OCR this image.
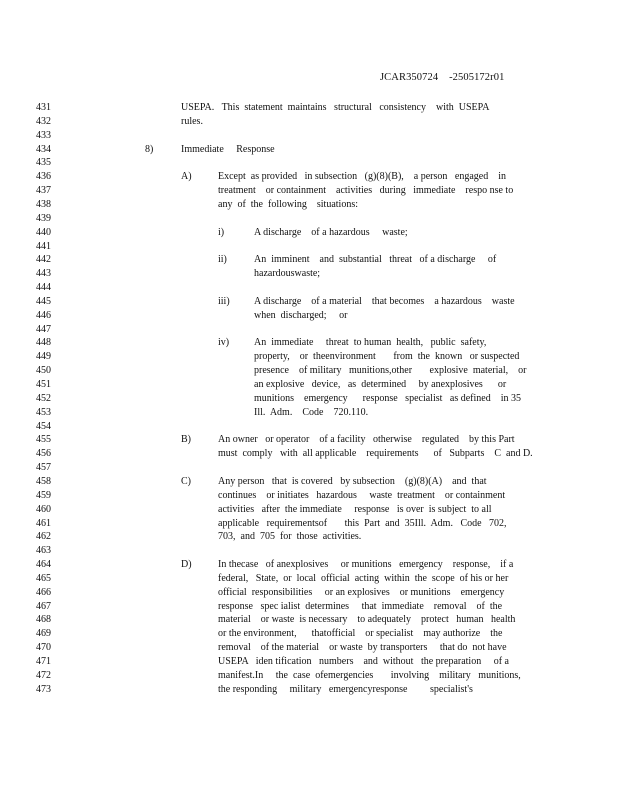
JCAR350724    -2505172r01
431	USEPA.   This  statement  maintains   structural   consistency    with  USEPA
432	rules.
433
434	8)	Immediate     Response
435
436	A)	Except  as provided   in subsection   (g)(8)(B),    a person   engaged    in
437	treatment    or containment    activities   during   immediate    respo nse to
438	any  of  the  following    situations:
439
440	i)	A discharge    of a hazardous     waste;
441
442	ii)	An  imminent    and  substantial   threat   of a discharge     of
443	hazardouswaste;
444
445	iii) A discharge    of a material    that becomes    a hazardous    waste
446	when  discharged;     or
447
448	iv) An  immediate     threat  to human  health,   public  safety,
449	property,    or  theenvironment       from  the  known   or suspected
450	presence    of military   munitions,other       explosive  material,    or
451	an explosive   device,   as  determined     by anexplosives      or
452	munitions    emergency      response   specialist   as defined    in 35
453	Ill.  Adm.    Code    720.110.
454
455	B)	An owner   or operator    of a facility   otherwise    regulated    by this Part
456	must  comply   with  all applicable    requirements      of   Subparts    C  and D.
457
458	C)	Any person   that  is covered   by subsection    (g)(8)(A)    and  that
459	continues    or initiates   hazardous     waste  treatment    or containment
460	activities   after  the immediate     response   is over  is subject  to all
461	applicable   requirementsof       this  Part  and  35Ill.  Adm.   Code   702,
462	703,  and  705  for  those  activities.
463
464	D)	In thecase   of anexplosives     or munitions   emergency    response,    if a
465	federal,   State,  or  local  official  acting  within  the  scope  of his or her
466	official  responsibilities     or an explosives    or munitions    emergency
467	response   spec ialist  determines     that  immediate    removal    of  the
468	material    or waste  is necessary    to adequately    protect   human   health
469	or the environment,      thatofficial    or specialist    may authorize    the
470	removal    of the material    or waste  by transporters     that do  not have
471	USEPA   iden tification   numbers    and  without   the preparation     of a
472	manifest.In     the  case  ofemergencies       involving    military   munitions,
473	the responding     military   emergencyresponse         specialist's
